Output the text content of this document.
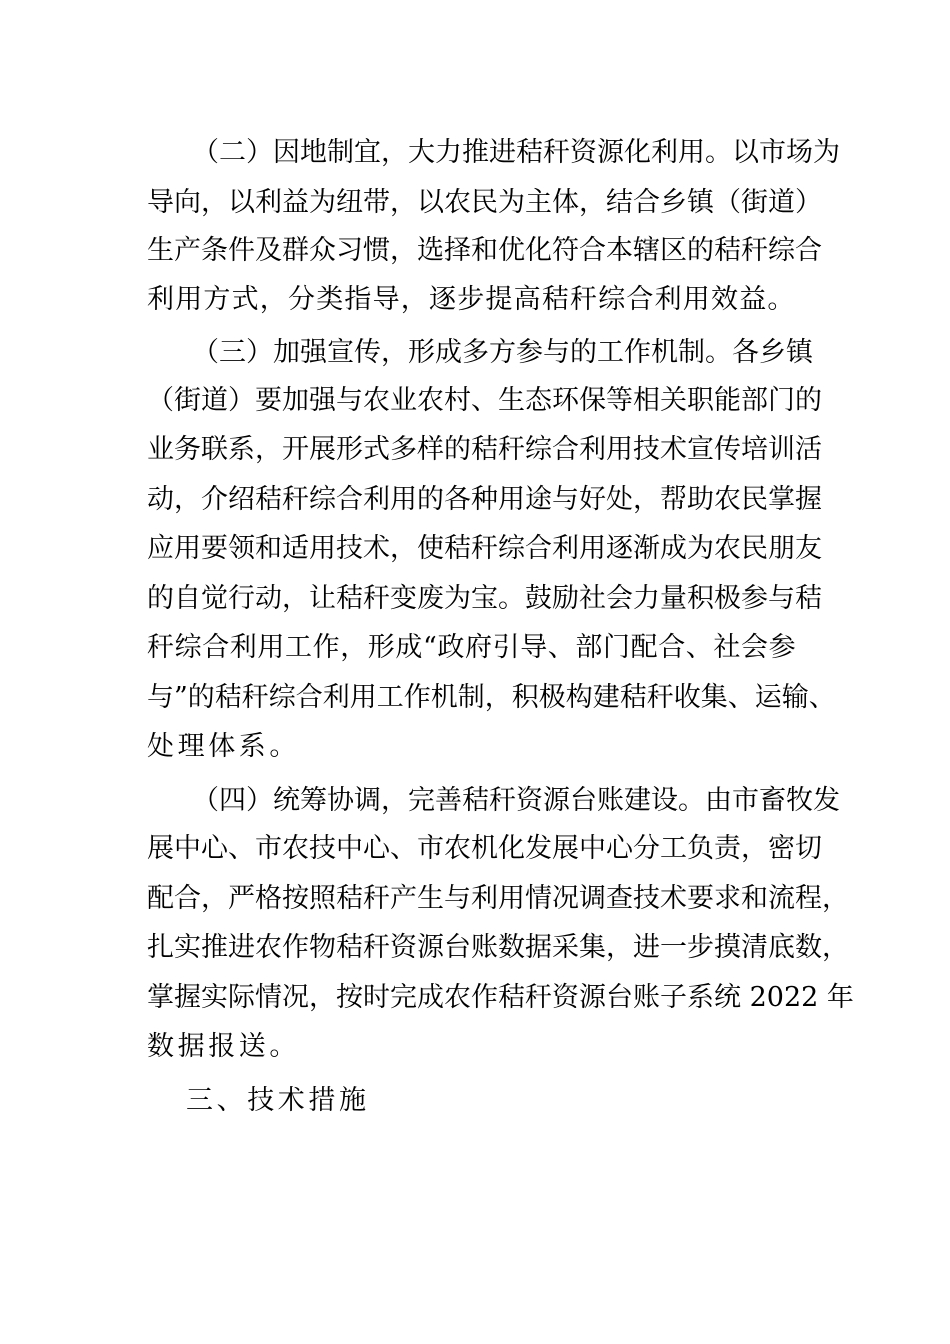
（二）因地制宜，大力推进秸秆资源化利用。以市场为
导向，以利益为纽带，以农民为主体，结合乡镇（街道）
生产条件及群众习惯，选择和优化符合本辖区的秸秆综合
利用方式，分类指导，逐步提高秸秆综合利用效益。
（三）加强宣传，形成多方参与的工作机制。各乡镇
（街道）要加强与农业农村、生态环保等相关职能部门的
业务联系，开展形式多样的秸秆综合利用技术宣传培训活
动，介绍秸秆综合利用的各种用途与好处，帮助农民掌握
应用要领和适用技术，使秸秆综合利用逐渐成为农民朋友
的自觉行动，让秸秆变废为宝。鼓励社会力量积极参与秸
秆综合利用工作，形成“政府引导、部门配合、社会参
与”的秸秆综合利用工作机制，积极构建秸秆收集、运输、
处理体系。
（四）统筹协调，完善秸秆资源台账建设。由市畜牧发
展中心、市农技中心、市农机化发展中心分工负责，密切
配合，严格按照秸秆产生与利用情况调查技术要求和流程，
扎实推进农作物秸秆资源台账数据采集，进一步摸清底数，
掌握实际情况，按时完成农作秸秆资源台账子系统 2022 年
数据报送。
三、技术措施
